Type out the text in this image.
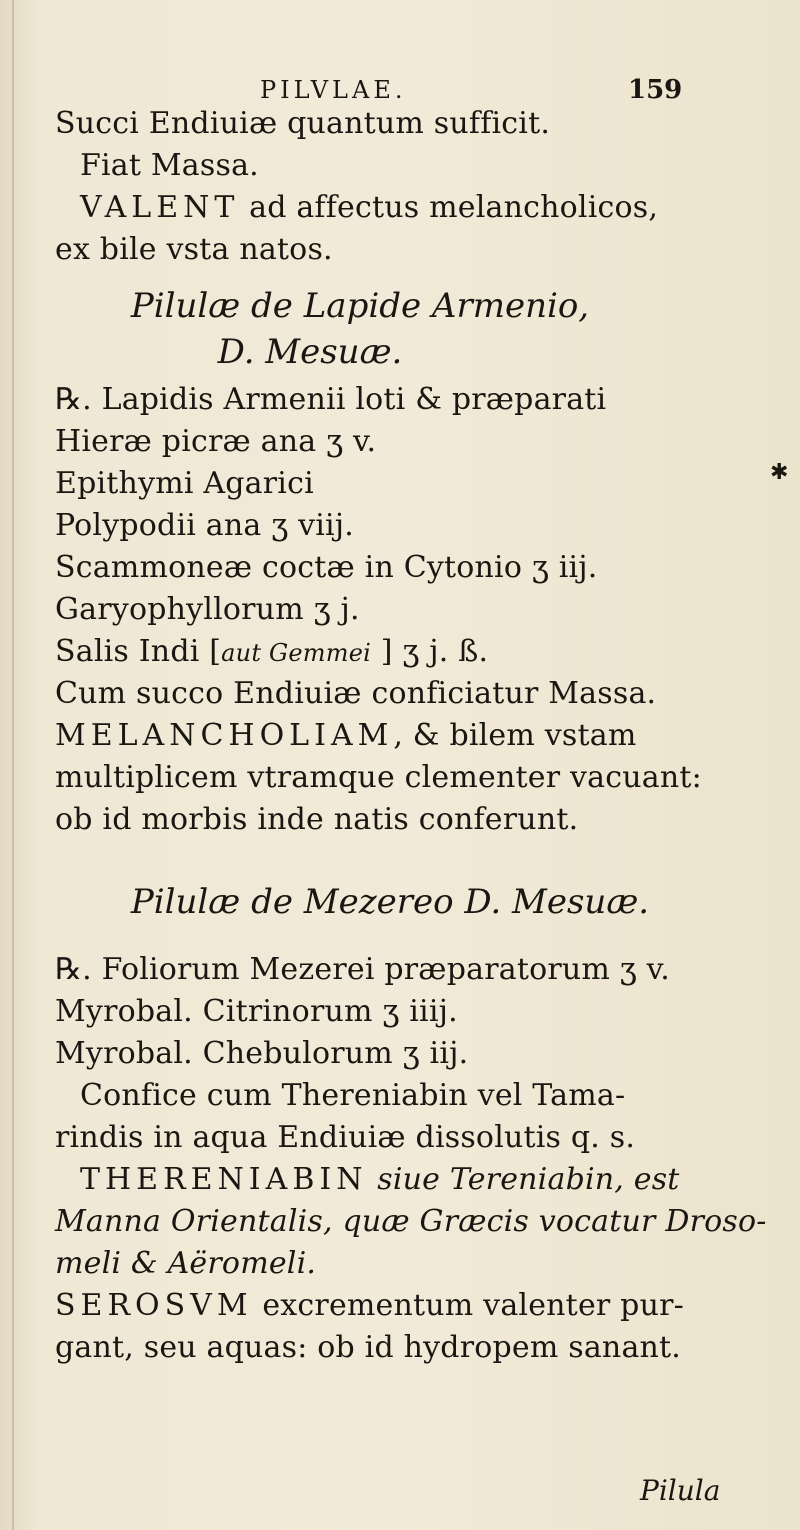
PILVLAE.	159
Succi Endiuiæ quantum sufficit.
Fiat Massa.
VALENT ad affectus melancholicos,
ex bile vsta natos.
Pilulæ de Lapide Armenio,
D. Mesuæ.
℞. Lapidis Armenii loti & præparati
Hieræ picræ ana ʒ v.
Epithymi Agarici	✱
Polypodii ana ʒ viij.
Scammoneæ coctæ in Cytonio ʒ iij.
Garyophyllorum ʒ j.
Salis Indi [aut Gemmei ] ʒ j. ß.
Cum succo Endiuiæ conficiatur Massa.
MELANCHOLIAM, & bilem vstam
multiplicem vtramque clementer vacuant:
ob id morbis inde natis conferunt.
Pilulæ de Mezereo D. Mesuæ.
℞. Foliorum Mezerei præparatorum ʒ v.
Myrobal. Citrinorum ʒ iiij.
Myrobal. Chebulorum ʒ iij.
Confice cum Thereniabin vel Tama-
rindis in aqua Endiuiæ dissolutis q. s.
THERENIABIN siue Tereniabin, est
Manna Orientalis, quæ Græcis vocatur Droso-
meli & Aëromeli.
SEROSVM excrementum valenter pur-
gant, seu aquas: ob id hydropem sanant.
Pilula
